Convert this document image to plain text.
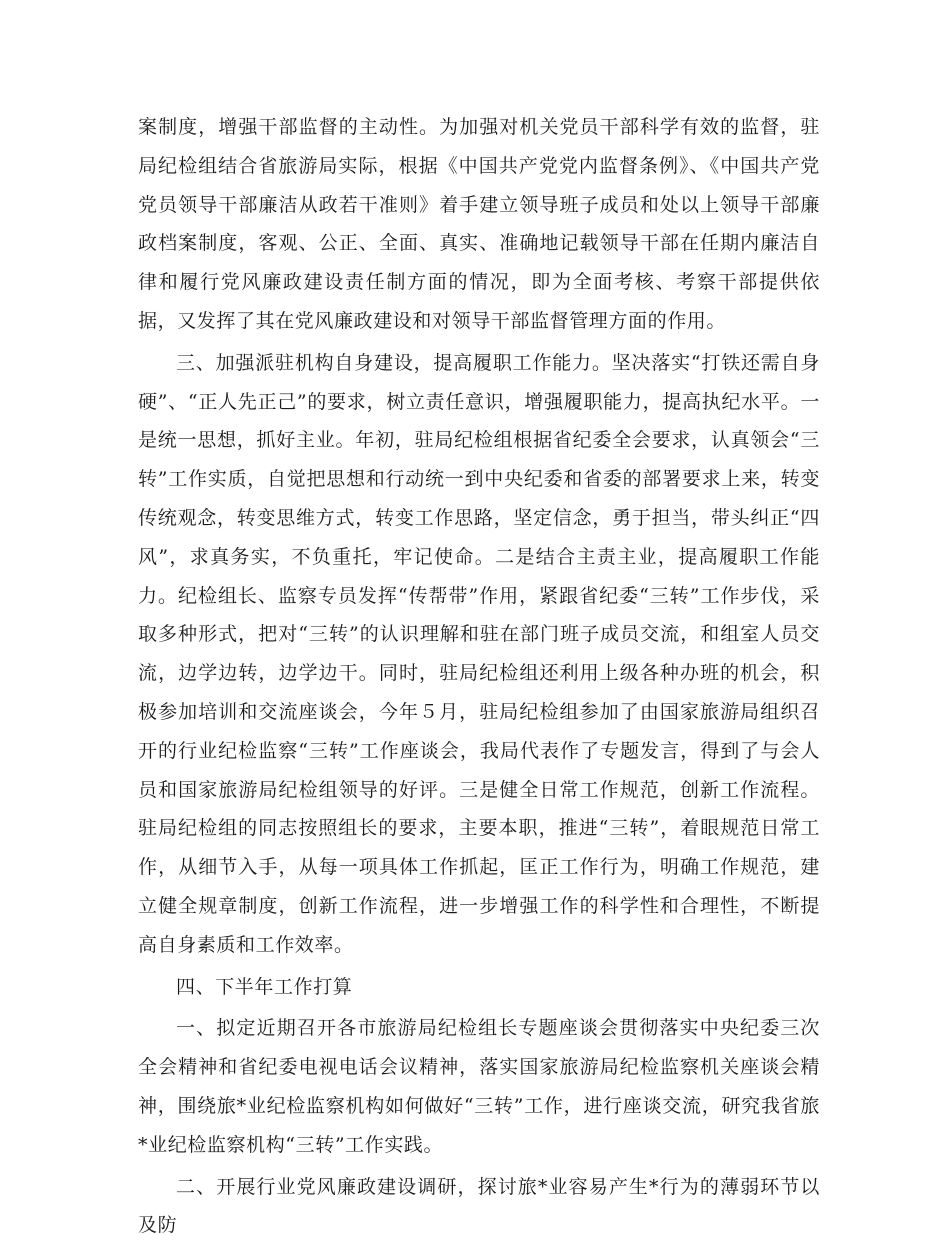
案制度，增强干部监督的主动性。为加强对机关党员干部科学有效的监督，驻局纪检组结合省旅游局实际，根据《中国共产党党内监督条例》、《中国共产党党员领导干部廉洁从政若干准则》着手建立领导班子成员和处以上领导干部廉政档案制度，客观、公正、全面、真实、准确地记载领导干部在任期内廉洁自律和履行党风廉政建设责任制方面的情况，即为全面考核、考察干部提供依据，又发挥了其在党风廉政建设和对领导干部监督管理方面的作用。

三、加强派驻机构自身建设，提高履职工作能力。坚决落实“打铁还需自身硬”、“正人先正己”的要求，树立责任意识，增强履职能力，提高执纪水平。一是统一思想，抓好主业。年初，驻局纪检组根据省纪委全会要求，认真领会“三转”工作实质，自觉把思想和行动统一到中央纪委和省委的部署要求上来，转变传统观念，转变思维方式，转变工作思路，坚定信念，勇于担当，带头纠正“四风”，求真务实，不负重托，牢记使命。二是结合主责主业，提高履职工作能力。纪检组长、监察专员发挥“传帮带”作用，紧跟省纪委“三转”工作步伐，采取多种形式，把对“三转”的认识理解和驻在部门班子成员交流，和组室人员交流，边学边转，边学边干。同时，驻局纪检组还利用上级各种办班的机会，积极参加培训和交流座谈会，今年５月，驻局纪检组参加了由国家旅游局组织召开的行业纪检监察“三转”工作座谈会，我局代表作了专题发言，得到了与会人员和国家旅游局纪检组领导的好评。三是健全日常工作规范，创新工作流程。驻局纪检组的同志按照组长的要求，主要本职，推进“三转”，着眼规范日常工作，从细节入手，从每一项具体工作抓起，匡正工作行为，明确工作规范，建立健全规章制度，创新工作流程，进一步增强工作的科学性和合理性，不断提高自身素质和工作效率。

四、下半年工作打算

一、拟定近期召开各市旅游局纪检组长专题座谈会贯彻落实中央纪委三次全会精神和省纪委电视电话会议精神，落实国家旅游局纪检监察机关座谈会精神，围绕旅*业纪检监察机构如何做好“三转”工作，进行座谈交流，研究我省旅*业纪检监察机构“三转”工作实践。

二、开展行业党风廉政建设调研，探讨旅*业容易产生*行为的薄弱环节以及防
